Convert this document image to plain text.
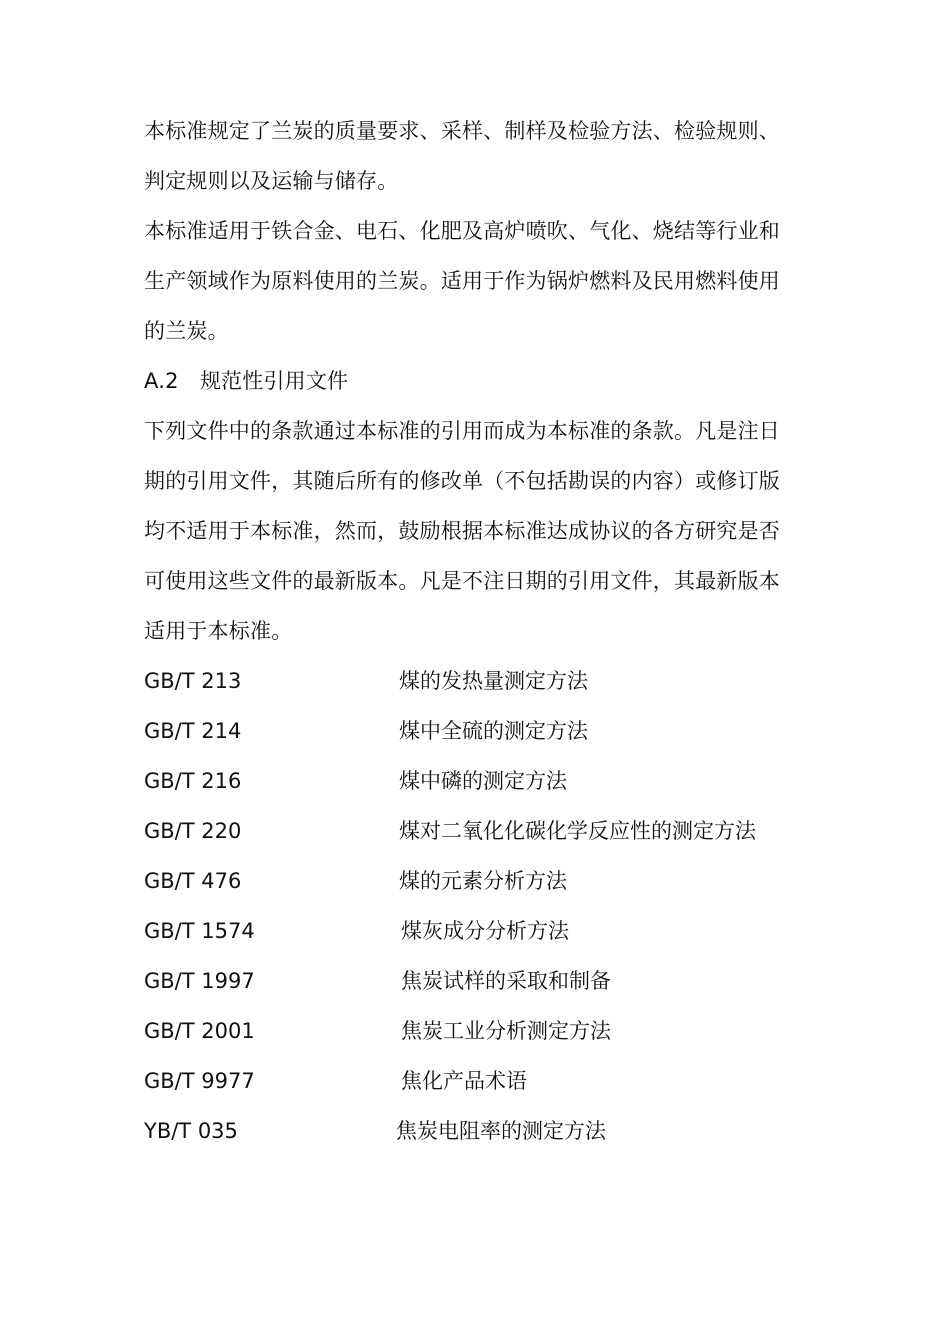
本标准规定了兰炭的质量要求、采样、制样及检验方法、检验规则、
判定规则以及运输与储存。
本标准适用于铁合金、电石、化肥及高炉喷吹、气化、烧结等行业和
生产领域作为原料使用的兰炭。适用于作为锅炉燃料及民用燃料使用
的兰炭。
A.2　规范性引用文件
下列文件中的条款通过本标准的引用而成为本标准的条款。凡是注日
期的引用文件，其随后所有的修改单（不包括勘误的内容）或修订版
均不适用于本标准，然而，鼓励根据本标准达成协议的各方研究是否
可使用这些文件的最新版本。凡是不注日期的引用文件，其最新版本
适用于本标准。
GB/T 213	煤的发热量测定方法
GB/T 214	煤中全硫的测定方法
GB/T 216	煤中磷的测定方法
GB/T 220	煤对二氧化化碳化学反应性的测定方法
GB/T 476	煤的元素分析方法
GB/T 1574	煤灰成分分析方法
GB/T 1997	焦炭试样的采取和制备
GB/T 2001	焦炭工业分析测定方法
GB/T 9977	焦化产品术语
YB/T 035	焦炭电阻率的测定方法
